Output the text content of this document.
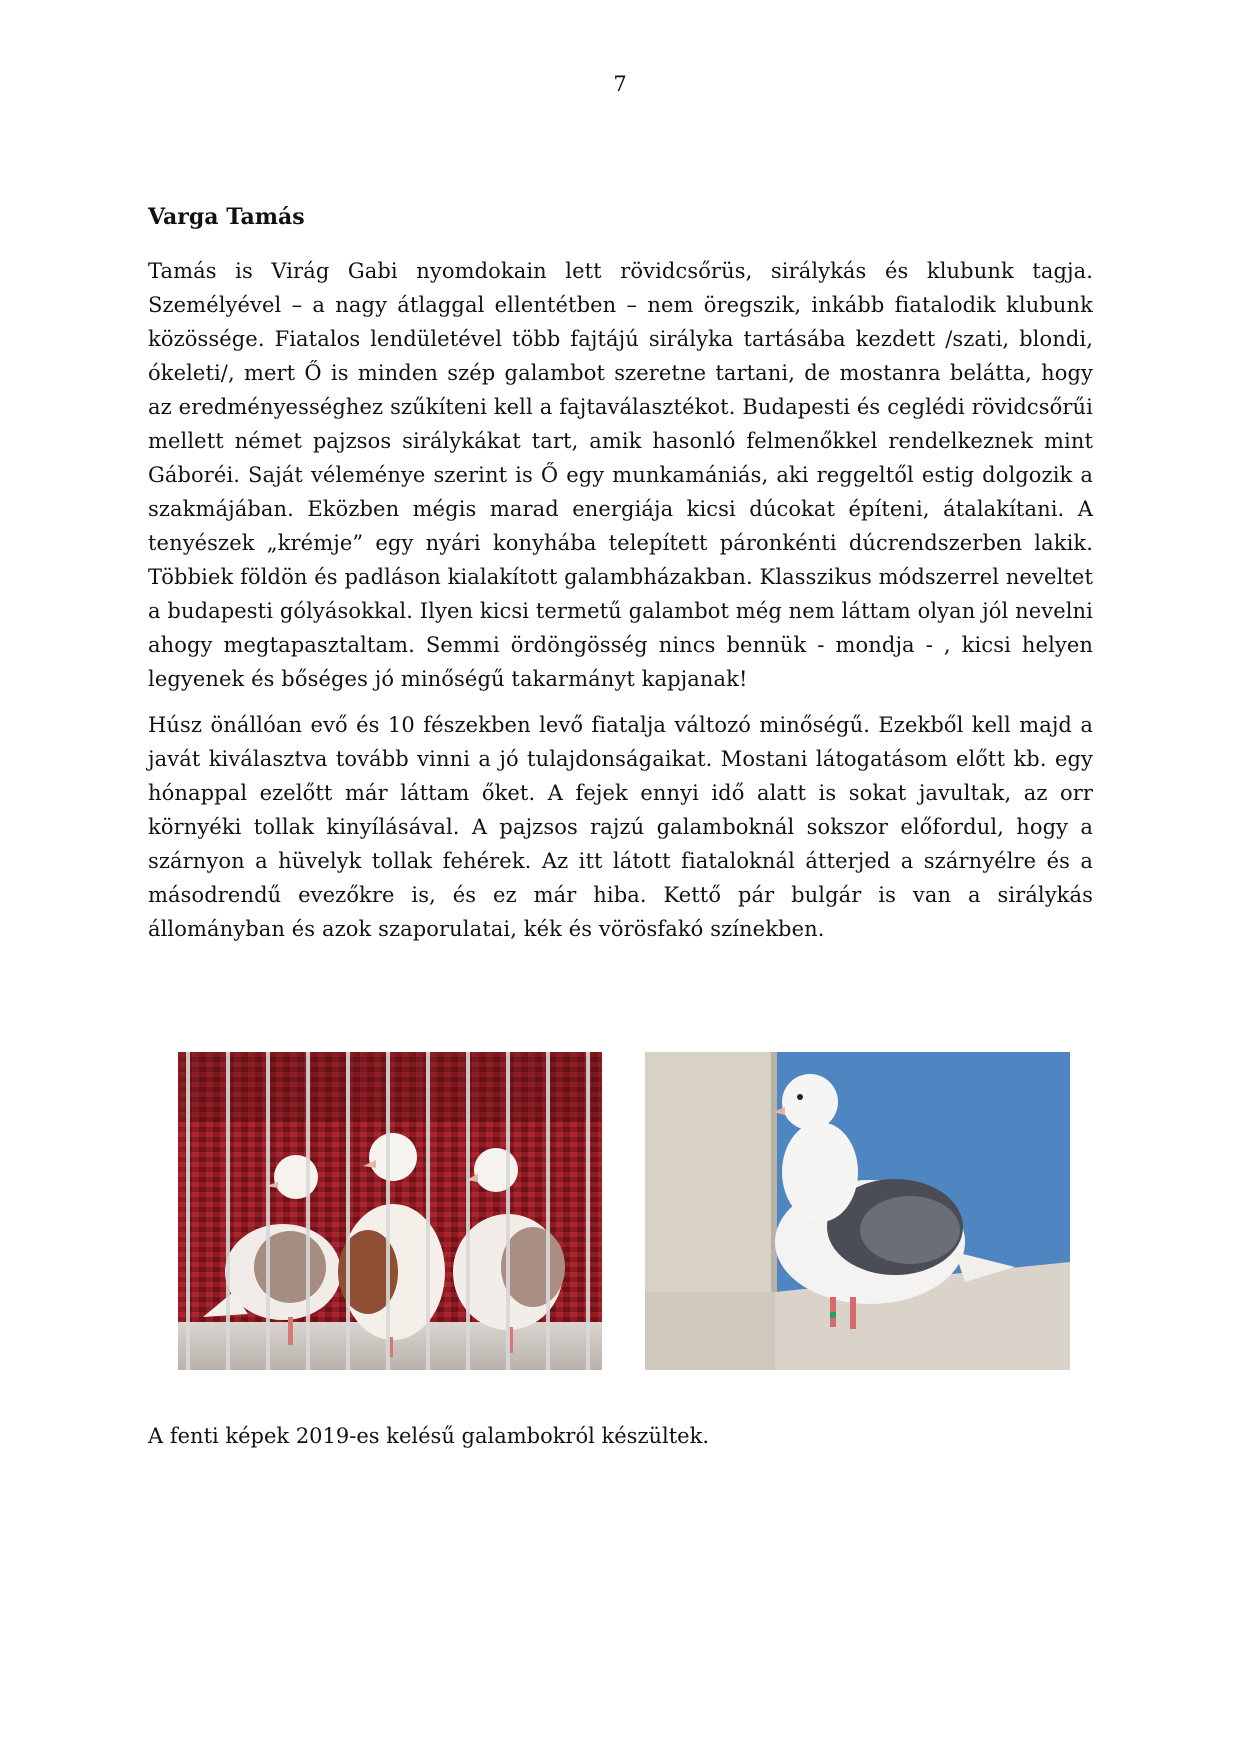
7
Varga Tamás

Tamás is Virág Gabi nyomdokain lett rövidcsőrüs, sirálykás és klubunk tagja. Személyével – a nagy átlaggal ellentétben – nem öregszik, inkább fiatalodik klubunk közössége. Fiatalos lendületével több fajtájú sirályka tartásába kezdett /szati, blondi, ókeleti/, mert Ő is minden szép galambot szeretne tartani, de mostanra belátta, hogy az eredményességhez szűkíteni kell a fajtaválasztékot. Budapesti és ceglédi rövidcsőrűi mellett német pajzsos sirálykákat tart, amik hasonló felmenőkkel rendelkeznek mint Gáboréi. Saját véleménye szerint is Ő egy munkamániás, aki reggeltől estig dolgozik a szakmájában. Eközben mégis marad energiája kicsi dúcokat építeni, átalakítani. A tenyészek „krémje” egy nyári konyhába telepített páronkénti dúcrendszerben lakik. Többiek földön és padláson kialakított galambházakban. Klasszikus módszerrel neveltet a budapesti gólyásokkal. Ilyen kicsi termetű galambot még nem láttam olyan jól nevelni ahogy megtapasztaltam. Semmi ördöngösség nincs bennük - mondja - , kicsi helyen legyenek és bőséges jó minőségű takarmányt kapjanak!

Húsz önállóan evő és 10 fészekben levő fiatalja változó minőségű. Ezekből kell majd a javát kiválasztva tovább vinni a jó tulajdonságaikat. Mostani látogatásom előtt kb. egy hónappal ezelőtt már láttam őket. A fejek ennyi idő alatt is sokat javultak, az orr környéki tollak kinyílásával. A pajzsos rajzú galamboknál sokszor előfordul, hogy a szárnyon a hüvelyk tollak fehérek. Az itt látott fiataloknál átterjed a szárnyélre és a másodrendű evezőkre is, és ez már hiba. Kettő pár bulgár is van a sirálykás állományban és azok szaporulatai, kék és vörösfakó színekben.

A fenti képek 2019-es kelésű galambokról készültek.
